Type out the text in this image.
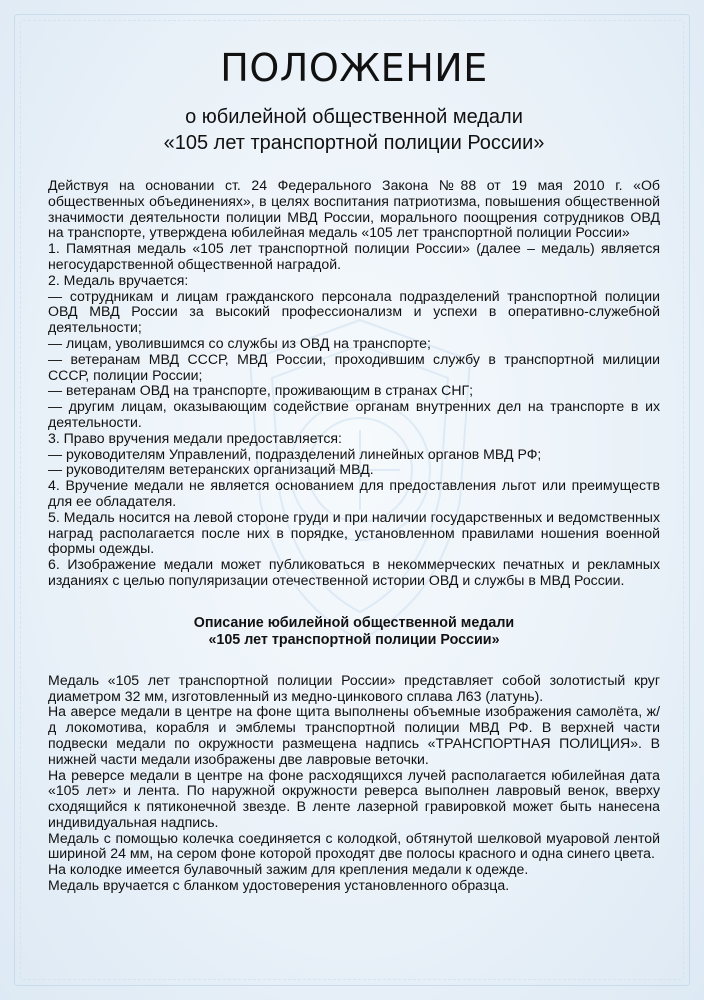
ПОЛОЖЕНИЕ

о юбилейной общественной медали

«105 лет транспортной полиции России»

Действуя на основании ст. 24 Федерального Закона №88 от 19 мая 2010 г. «Об общественных объединениях», в целях воспитания патриотизма, повышения общественной значимости деятельности полиции МВД России, морального поощрения сотрудников ОВД на транспорте, утверждена юбилейная медаль «105 лет транспортной полиции России»

1. Памятная медаль «105 лет транспортной полиции России» (далее – медаль) является негосударственной общественной наградой.

2. Медаль вручается:

— сотрудникам и лицам гражданского персонала подразделений транспортной полиции ОВД МВД России за высокий профессионализм и успехи в оперативно-служебной деятельности;

— лицам, уволившимся со службы из ОВД на транспорте;

— ветеранам МВД СССР, МВД России, проходившим службу в транспортной милиции СССР, полиции России;

— ветеранам ОВД на транспорте, проживающим в странах СНГ;

— другим лицам, оказывающим содействие органам внутренних дел на транспорте в их деятельности.

3. Право вручения медали предоставляется:

— руководителям Управлений, подразделений линейных органов МВД РФ;

— руководителям ветеранских организаций МВД.

4. Вручение медали не является основанием для предоставления льгот или преимуществ для ее обладателя.

5. Медаль носится на левой стороне груди и при наличии государственных и ведомственных наград располагается после них в порядке, установленном правилами ношения военной формы одежды.

6. Изображение медали может публиковаться в некоммерческих печатных и рекламных изданиях с целью популяризации отечественной истории ОВД и службы в МВД России.

Описание юбилейной общественной медали
«105 лет транспортной полиции России»

Медаль «105 лет транспортной полиции России» представляет собой золотистый круг диаметром 32 мм, изготовленный из медно-цинкового сплава Л63 (латунь).

На аверсе медали в центре на фоне щита выполнены объемные изображения самолёта, ж/д локомотива, корабля и эмблемы транспортной полиции МВД РФ. В верхней части подвески медали по окружности размещена надпись «ТРАНСПОРТНАЯ ПОЛИЦИЯ». В нижней части медали изображены две лавровые веточки.

На реверсе медали в центре на фоне расходящихся лучей располагается юбилейная дата «105 лет» и лента. По наружной окружности реверса выполнен лавровый венок, вверху сходящийся к пятиконечной звезде. В ленте лазерной гравировкой может быть нанесена индивидуальная надпись.

Медаль с помощью колечка соединяется с колодкой, обтянутой шелковой муаровой лентой шириной 24 мм, на сером фоне которой проходят две полосы красного и одна синего цвета.

На колодке имеется булавочный зажим для крепления медали к одежде.

Медаль вручается с бланком удостоверения установленного образца.
